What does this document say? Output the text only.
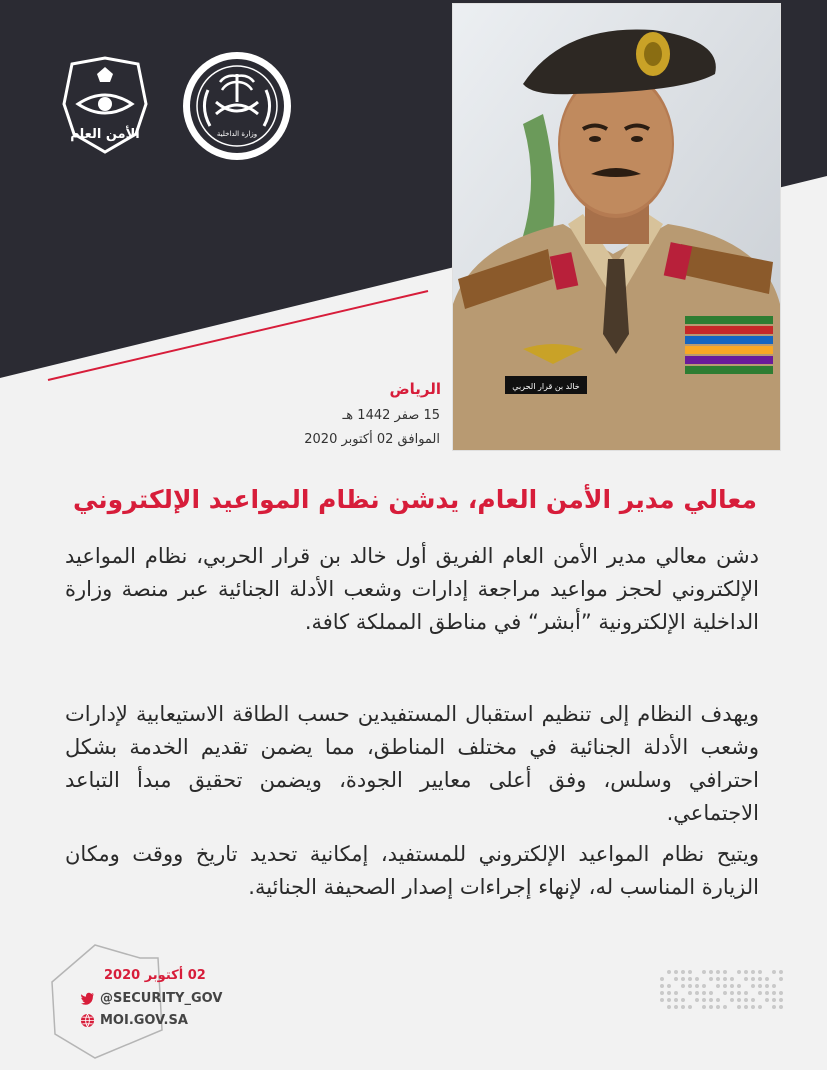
الأمن العام	وزارة الداخلية
خالد بن قرار الحربي
الرياض
15 صفر 1442 هـ
الموافق 02 أكتوبر 2020
معالي مدير الأمن العام، يدشن نظام المواعيد الإلكتروني
دشن معالي مدير الأمن العام الفريق أول خالد بن قرار الحربي، نظام المواعيد الإلكتروني لحجز مواعيد مراجعة إدارات وشعب الأدلة الجنائية عبر منصة وزارة الداخلية الإلكترونية ”أبشر“ في مناطق المملكة كافة.
ويهدف النظام إلى تنظيم استقبال المستفيدين حسب الطاقة الاستيعابية لإدارات وشعب الأدلة الجنائية في مختلف المناطق، مما يضمن تقديم الخدمة بشكل احترافي وسلس، وفق أعلى معايير الجودة، ويضمن تحقيق مبدأ التباعد الاجتماعي.
ويتيح نظام المواعيد الإلكتروني للمستفيد، إمكانية تحديد تاريخ ووقت ومكان الزيارة المناسب له، لإنهاء إجراءات إصدار الصحيفة الجنائية.
02 أكتوبر 2020
@SECURITY_GOV
MOI.GOV.SA
